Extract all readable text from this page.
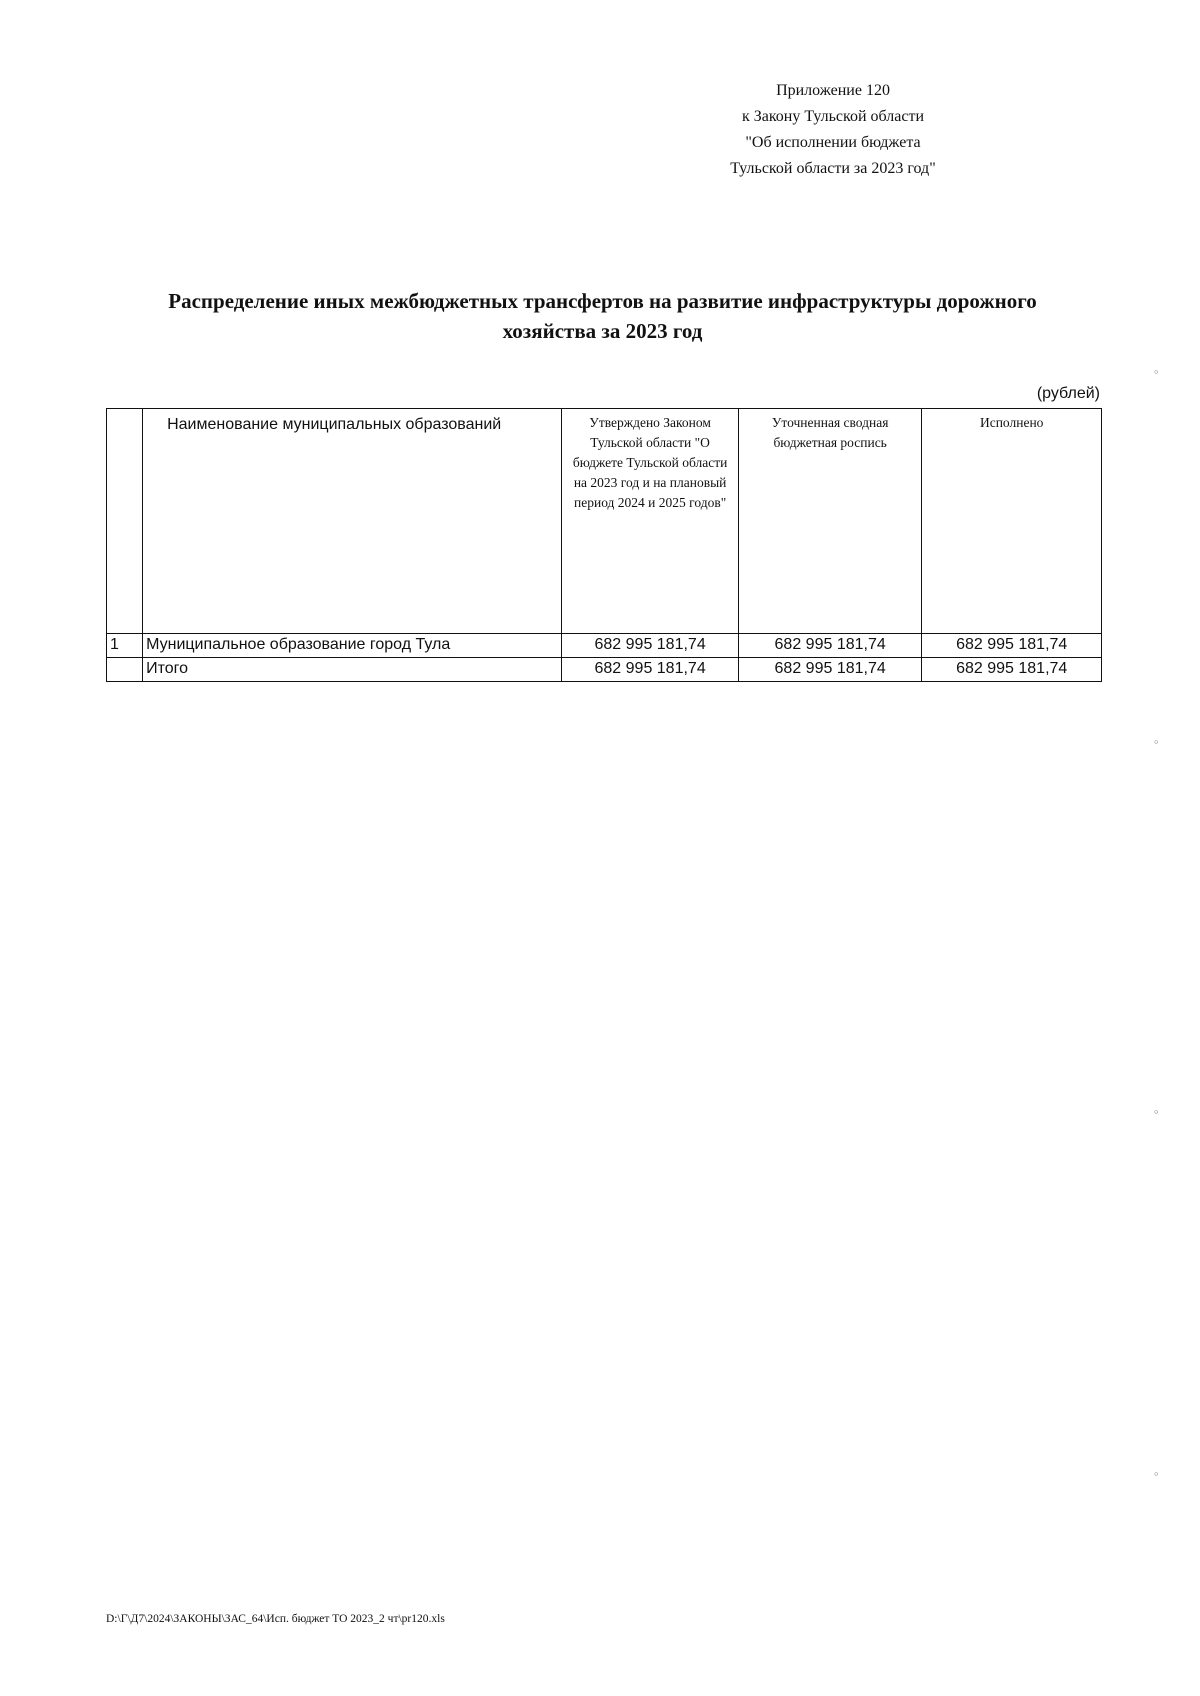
Приложение 120
к Закону Тульской области
"Об исполнении бюджета
Тульской области за 2023 год"
Распределение иных межбюджетных трансфертов на развитие инфраструктуры дорожного
хозяйства за 2023 год
(рублей)
	Наименование муниципальных образований	Утверждено Законом Тульской области "О бюджете Тульской области на 2023 год и на плановый период 2024 и 2025 годов"	Уточненная сводная бюджетная роспись	Исполнено
1	Муниципальное образование город Тула	682 995 181,74	682 995 181,74	682 995 181,74
	Итого	682 995 181,74	682 995 181,74	682 995 181,74
◦
◦
◦
◦
D:\Г\Д7\2024\ЗАКОНЫ\ЗАС_64\Исп. бюджет ТО 2023_2 чт\pr120.xls
